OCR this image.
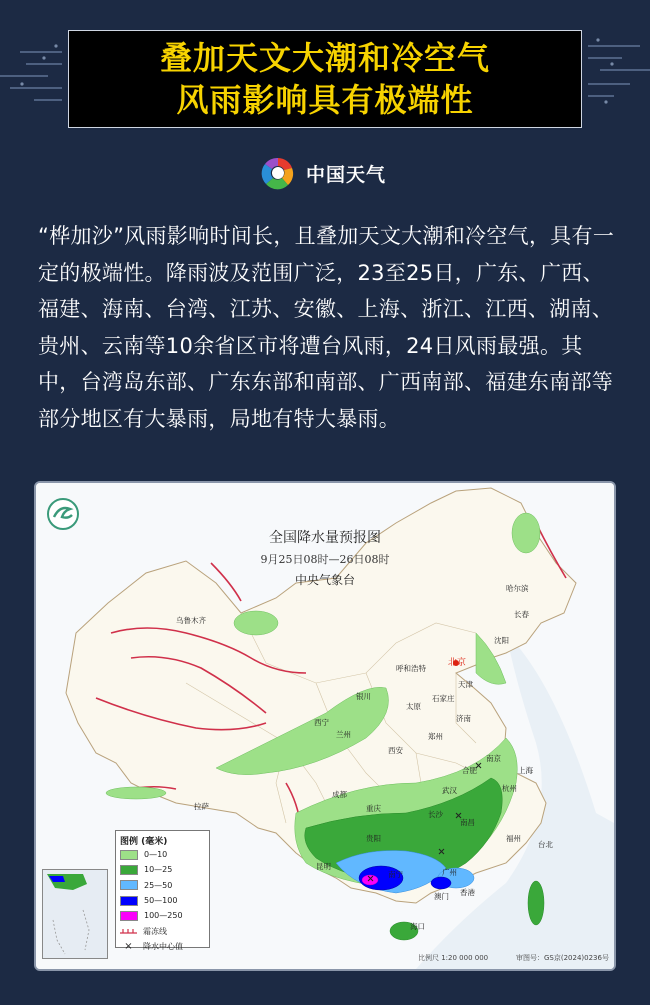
叠加天文大潮和冷空气
风雨影响具有极端性
中国天气
“桦加沙”风雨影响时间长，且叠加天文大潮和冷空气，具有一定的极端性。降雨波及范围广泛，23至25日，广东、广西、福建、海南、台湾、江苏、安徽、上海、浙江、江西、湖南、贵州、云南等10余省区市将遭台风雨，24日风雨最强。其中，台湾岛东部、广东东部和南部、广西南部、福建东南部等部分地区有大暴雨，局地有特大暴雨。
全国降水量预报图
9月25日08时—26日08时
中央气象台
乌鲁木齐
哈尔滨
长春
沈阳
呼和浩特
北京
天津
银川
太原
石家庄
济南
西宁
兰州	郑州
西安
南京
合肥	上海
武汉	杭州
拉萨
成都
重庆
长沙
南昌
福州
贵阳
台北
昆明
南宁	广州
香港
澳门
海口
图例 (毫米)
0—10
10—25
25—50
50—100
100—250
霜冻线
×	降水中心值
比例尺 1:20 000 000	审图号：GS京(2024)0236号
